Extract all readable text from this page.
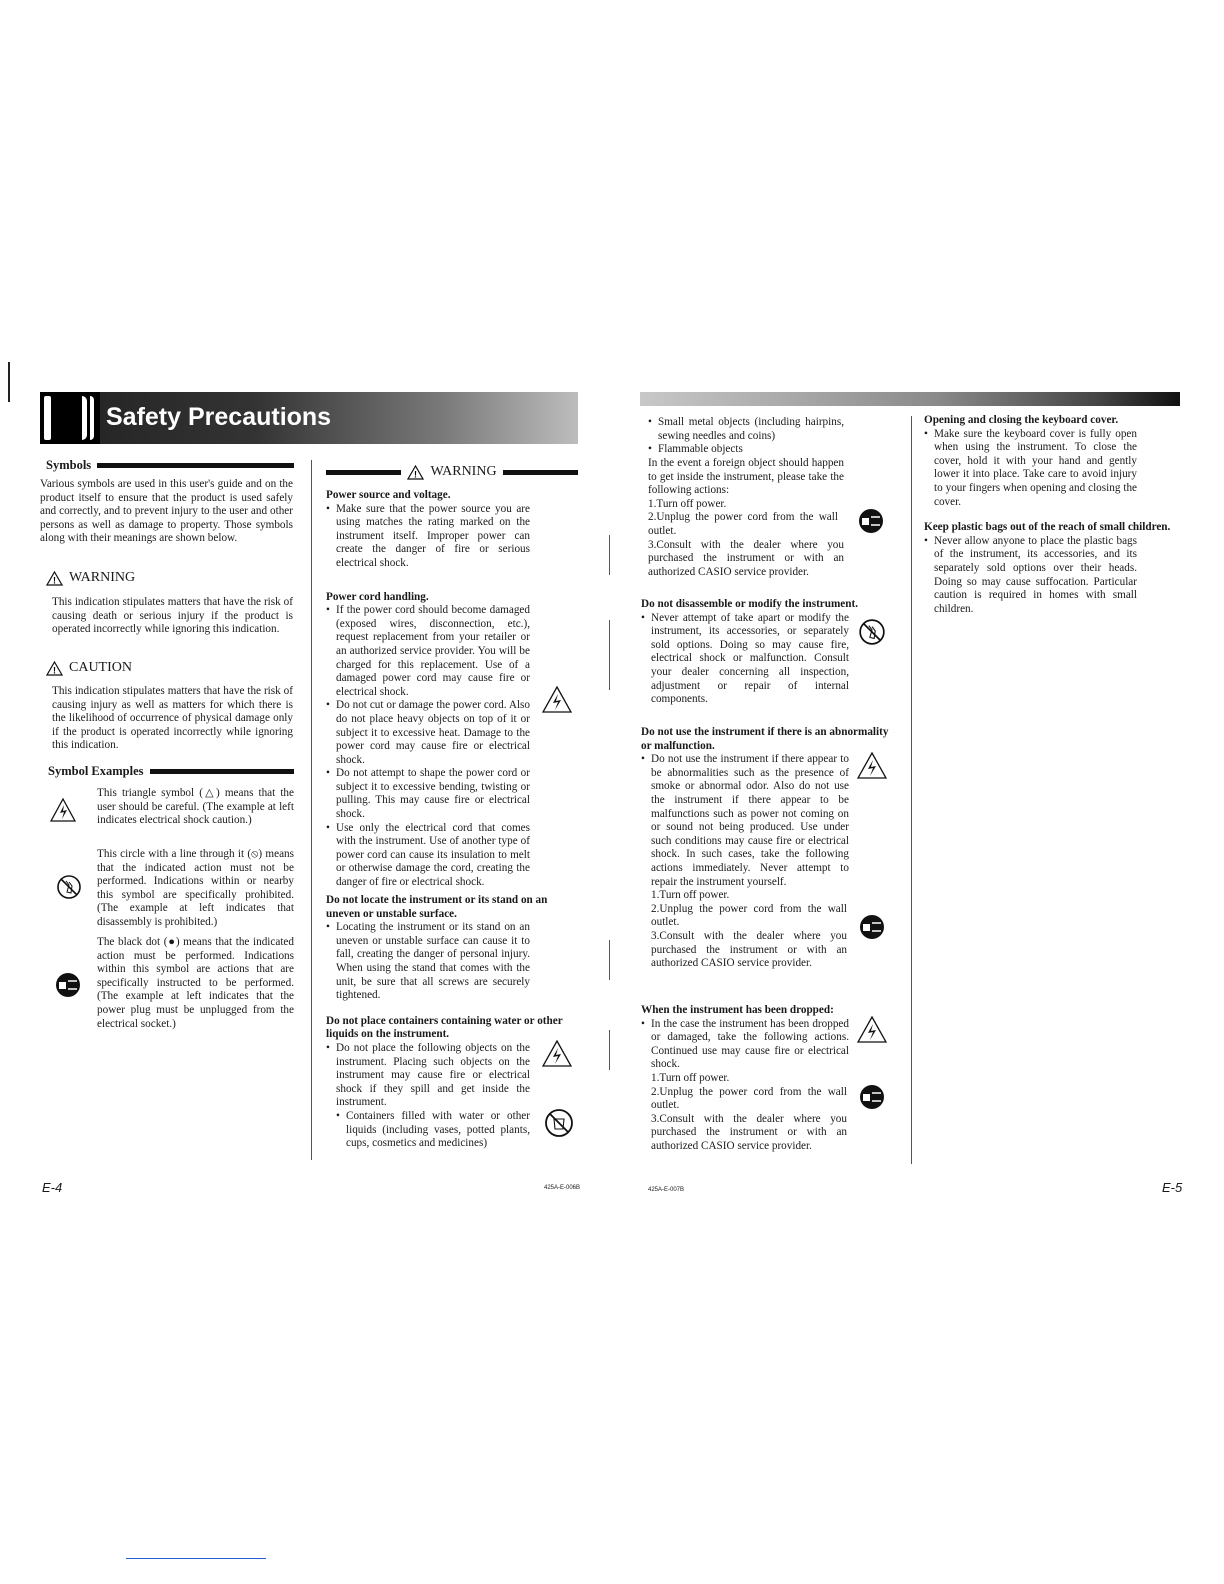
Safety Precautions
Symbols

Various symbols are used in this user's guide and on the product itself to ensure that the product is used safely and correctly, and to prevent injury to the user and other persons as well as damage to property. Those symbols along with their meanings are shown below.

! WARNING

This indication stipulates matters that have the risk of causing death or serious injury if the product is operated incorrectly while ignoring this indication.

! CAUTION

This indication stipulates matters that have the risk of causing injury as well as matters for which there is the likelihood of occurrence of physical damage only if the product is operated incorrectly while ignoring this indication.

Symbol Examples

This triangle symbol (△) means that the user should be careful. (The example at left indicates electrical shock caution.)

This circle with a line through it (⦸) means that the indicated action must not be performed. Indications within or nearby this symbol are specifically prohibited. (The example at left indicates that disassembly is prohibited.)

The black dot (●) means that the indicated action must be performed. Indications within this symbol are actions that are specifically instructed to be performed. (The example at left indicates that the power plug must be unplugged from the electrical socket.)

! WARNING

Power source and voltage.

• Make sure that the power source you are using matches the rating marked on the instrument itself. Improper power can create the danger of fire or serious electrical shock.

Power cord handling.

• If the power cord should become damaged (exposed wires, disconnection, etc.), request replacement from your retailer or an authorized service provider. You will be charged for this replacement. Use of a damaged power cord may cause fire or electrical shock.

• Do not cut or damage the power cord. Also do not place heavy objects on top of it or subject it to excessive heat. Damage to the power cord may cause fire or electrical shock.

• Do not attempt to shape the power cord or subject it to excessive bending, twisting or pulling. This may cause fire or electrical shock.

• Use only the electrical cord that comes with the instrument. Use of another type of power cord can cause its insulation to melt or otherwise damage the cord, creating the danger of fire or electrical shock.

Do not locate the instrument or its stand on an uneven or unstable surface.

• Locating the instrument or its stand on an uneven or unstable surface can cause it to fall, creating the danger of personal injury. When using the stand that comes with the unit, be sure that all screws are securely tightened.

Do not place containers containing water or other liquids on the instrument.

• Do not place the following objects on the instrument. Placing such objects on the instrument may cause fire or electrical shock if they spill and get inside the instrument.

• Containers filled with water or other liquids (including vases, potted plants, cups, cosmetics and medicines)

425A-E-006B
E-4

• Small metal objects (including hairpins, sewing needles and coins)

• Flammable objects

In the event a foreign object should happen to get inside the instrument, please take the following actions:

1.Turn off power.

2.Unplug the power cord from the wall outlet.

3.Consult with the dealer where you purchased the instrument or with an authorized CASIO service provider.

Do not disassemble or modify the instrument.

• Never attempt of take apart or modify the instrument, its accessories, or separately sold options. Doing so may cause fire, electrical shock or malfunction. Consult your dealer concerning all inspection, adjustment or repair of internal components.

Do not use the instrument if there is an abnormality or malfunction.

• Do not use the instrument if there appear to be abnormalities such as the presence of smoke or abnormal odor. Also do not use the instrument if there appear to be malfunctions such as power not coming on or sound not being produced. Use under such conditions may cause fire or electrical shock. In such cases, take the following actions immediately. Never attempt to repair the instrument yourself.

1.Turn off power.

2.Unplug the power cord from the wall outlet.

3.Consult with the dealer where you purchased the instrument or with an authorized CASIO service provider.

When the instrument has been dropped:

• In the case the instrument has been dropped or damaged, take the following actions. Continued use may cause fire or electrical shock.

1.Turn off power.

2.Unplug the power cord from the wall outlet.

3.Consult with the dealer where you purchased the instrument or with an authorized CASIO service provider.

Opening and closing the keyboard cover.

• Make sure the keyboard cover is fully open when using the instrument. To close the cover, hold it with your hand and gently lower it into place. Take care to avoid injury to your fingers when opening and closing the cover.

Keep plastic bags out of the reach of small children.

• Never allow anyone to place the plastic bags of the instrument, its accessories, and its separately sold options over their heads. Doing so may cause suffocation. Particular caution is required in homes with small children.

425A-E-007B	E-5
